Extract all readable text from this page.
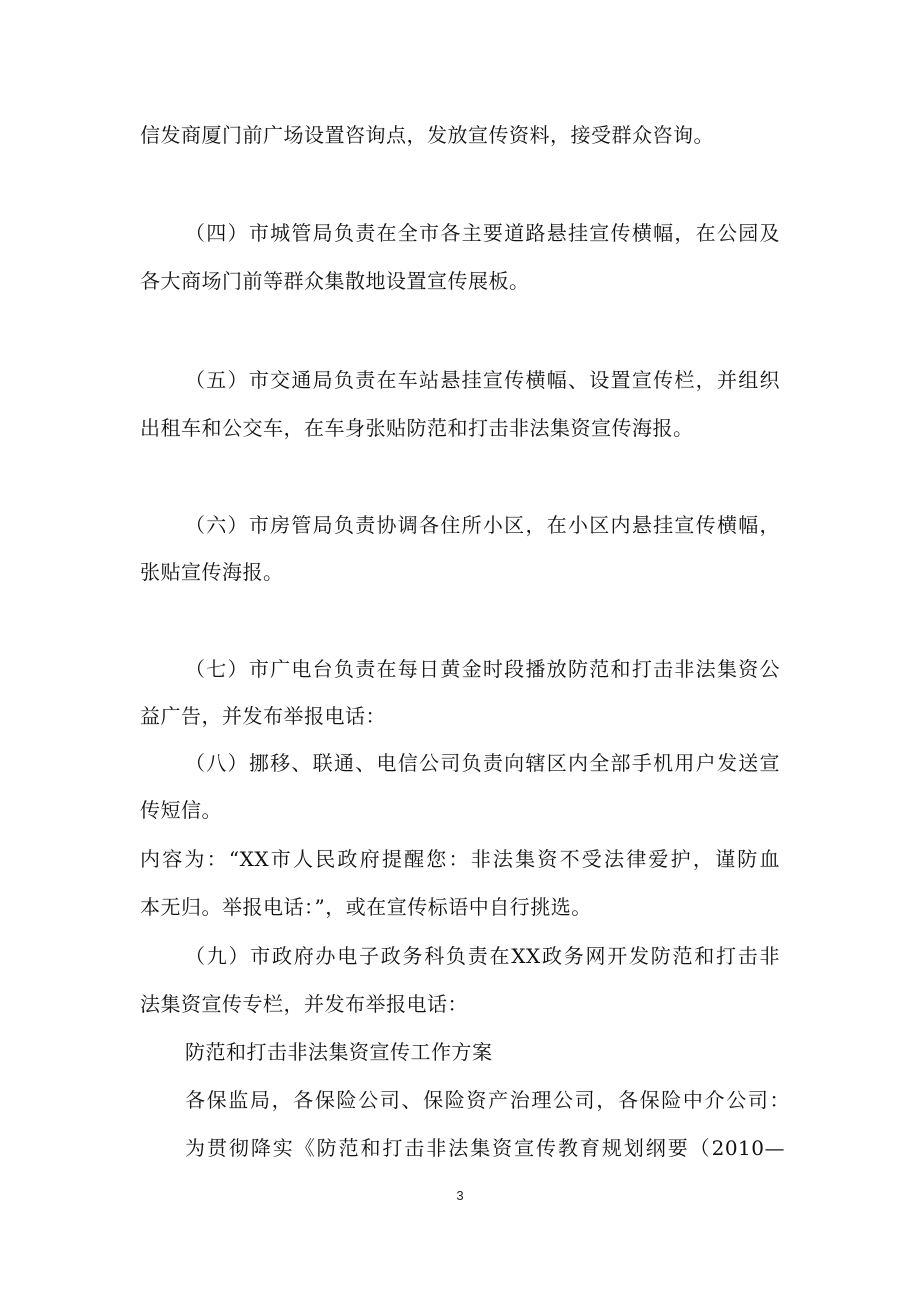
信发商厦门前广场设置咨询点，发放宣传资料，接受群众咨询。
（四）市城管局负责在全市各主要道路悬挂宣传横幅，在公园及
各大商场门前等群众集散地设置宣传展板。
（五）市交通局负责在车站悬挂宣传横幅、设置宣传栏，并组织
出租车和公交车，在车身张贴防范和打击非法集资宣传海报。
（六）市房管局负责协调各住所小区，在小区内悬挂宣传横幅，
张贴宣传海报。
（七）市广电台负责在每日黄金时段播放防范和打击非法集资公
益广告，并发布举报电话：
（八）挪移、联通、电信公司负责向辖区内全部手机用户发送宣
传短信。
内容为：“XX市人民政府提醒您：非法集资不受法律爱护，谨防血
本无归。举报电话：”，或在宣传标语中自行挑选。
（九）市政府办电子政务科负责在XX政务网开发防范和打击非
法集资宣传专栏，并发布举报电话：
防范和打击非法集资宣传工作方案
各保监局，各保险公司、保险资产治理公司，各保险中介公司：
为贯彻降实《防范和打击非法集资宣传教育规划纲要（2010—
3
